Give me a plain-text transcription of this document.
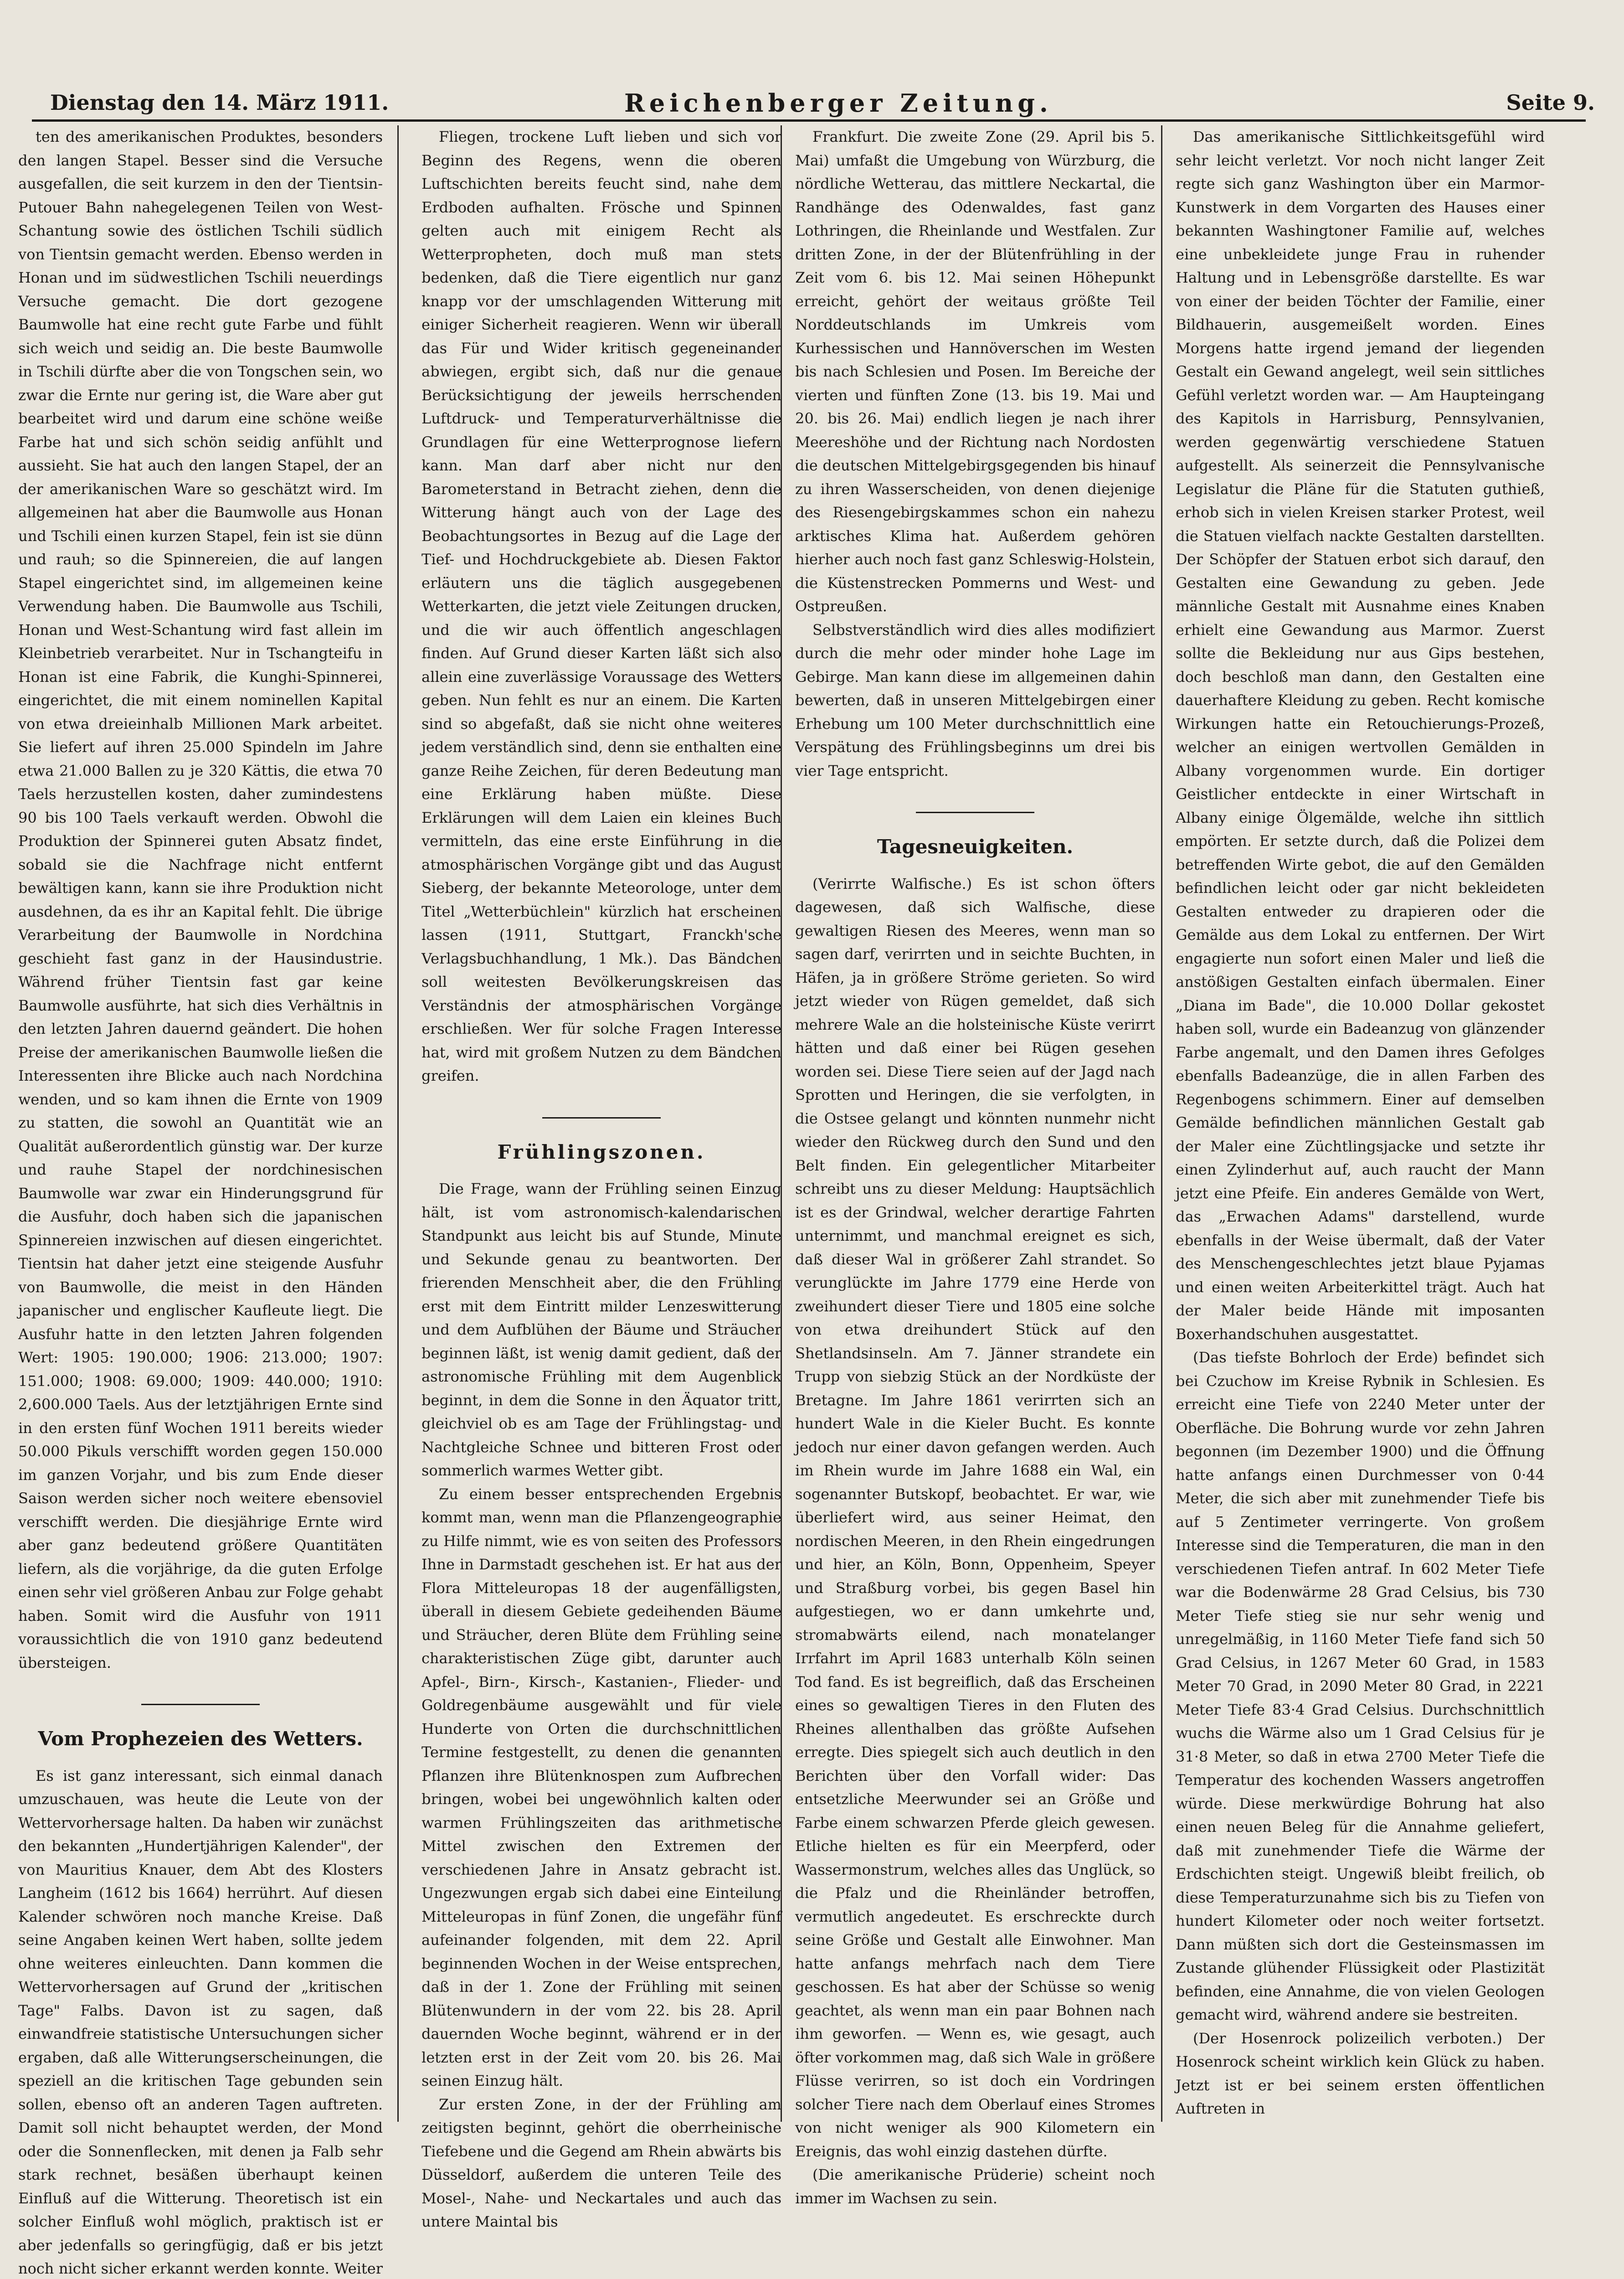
Dienstag den 14. März 1911.	Reichenberger Zeitung.	Seite 9.

ten des amerikanischen Produktes, besonders den langen Stapel. Besser sind die Versuche ausgefallen, die seit kurzem in den der Tientsin-Putouer Bahn nahegelegenen Teilen von West-Schantung sowie des östlichen Tschili südlich von Tientsin gemacht werden. Ebenso werden in Honan und im südwestlichen Tschili neuerdings Versuche gemacht. Die dort gezogene Baumwolle hat eine recht gute Farbe und fühlt sich weich und seidig an. Die beste Baumwolle in Tschili dürfte aber die von Tongschen sein, wo zwar die Ernte nur gering ist, die Ware aber gut bearbeitet wird und darum eine schöne weiße Farbe hat und sich schön seidig anfühlt und aussieht. Sie hat auch den langen Stapel, der an der amerikanischen Ware so geschätzt wird. Im allgemeinen hat aber die Baumwolle aus Honan und Tschili einen kurzen Stapel, fein ist sie dünn und rauh; so die Spinnereien, die auf langen Stapel eingerichtet sind, im allgemeinen keine Verwendung haben. Die Baumwolle aus Tschili, Honan und West-Schantung wird fast allein im Kleinbetrieb verarbeitet. Nur in Tschangteifu in Honan ist eine Fabrik, die Kunghi-Spinnerei, eingerichtet, die mit einem nominellen Kapital von etwa dreieinhalb Millionen Mark arbeitet. Sie liefert auf ihren 25.000 Spindeln im Jahre etwa 21.000 Ballen zu je 320 Kättis, die etwa 70 Taels herzustellen kosten, daher zumindestens 90 bis 100 Taels verkauft werden. Obwohl die Produktion der Spinnerei guten Absatz findet, sobald sie die Nachfrage nicht entfernt bewältigen kann, kann sie ihre Produktion nicht ausdehnen, da es ihr an Kapital fehlt. Die übrige Verarbeitung der Baumwolle in Nordchina geschieht fast ganz in der Hausindustrie. Während früher Tientsin fast gar keine Baumwolle ausführte, hat sich dies Verhältnis in den letzten Jahren dauernd geändert. Die hohen Preise der amerikanischen Baumwolle ließen die Interessenten ihre Blicke auch nach Nordchina wenden, und so kam ihnen die Ernte von 1909 zu statten, die sowohl an Quantität wie an Qualität außerordentlich günstig war. Der kurze und rauhe Stapel der nordchinesischen Baumwolle war zwar ein Hinderungsgrund für die Ausfuhr, doch haben sich die japanischen Spinnereien inzwischen auf diesen eingerichtet. Tientsin hat daher jetzt eine steigende Ausfuhr von Baumwolle, die meist in den Händen japanischer und englischer Kaufleute liegt. Die Ausfuhr hatte in den letzten Jahren folgenden Wert: 1905: 190.000; 1906: 213.000; 1907: 151.000; 1908: 69.000; 1909: 440.000; 1910: 2,600.000 Taels. Aus der letztjährigen Ernte sind in den ersten fünf Wochen 1911 bereits wieder 50.000 Pikuls verschifft worden gegen 150.000 im ganzen Vorjahr, und bis zum Ende dieser Saison werden sicher noch weitere ebensoviel verschifft werden. Die diesjährige Ernte wird aber ganz bedeutend größere Quantitäten liefern, als die vorjährige, da die guten Erfolge einen sehr viel größeren Anbau zur Folge gehabt haben. Somit wird die Ausfuhr von 1911 voraussichtlich die von 1910 ganz bedeutend übersteigen.

Vom Prophezeien des Wetters.

Es ist ganz interessant, sich einmal danach umzuschauen, was heute die Leute von der Wettervorhersage halten. Da haben wir zunächst den bekannten „Hundertjährigen Kalender", der von Mauritius Knauer, dem Abt des Klosters Langheim (1612 bis 1664) herrührt. Auf diesen Kalender schwören noch manche Kreise. Daß seine Angaben keinen Wert haben, sollte jedem ohne weiteres einleuchten. Dann kommen die Wettervorhersagen auf Grund der „kritischen Tage" Falbs. Davon ist zu sagen, daß einwandfreie statistische Untersuchungen sicher ergaben, daß alle Witterungserscheinungen, die speziell an die kritischen Tage gebunden sein sollen, ebenso oft an anderen Tagen auftreten. Damit soll nicht behauptet werden, der Mond oder die Sonnenflecken, mit denen ja Falb sehr stark rechnet, besäßen überhaupt keinen Einfluß auf die Witterung. Theoretisch ist ein solcher Einfluß wohl möglich, praktisch ist er aber jedenfalls so geringfügig, daß er bis jetzt noch nicht sicher erkannt werden konnte. Weiter

Fliegen, trockene Luft lieben und sich vor Beginn des Regens, wenn die oberen Luftschichten bereits feucht sind, nahe dem Erdboden aufhalten. Frösche und Spinnen gelten auch mit einigem Recht als Wetterpropheten, doch muß man stets bedenken, daß die Tiere eigentlich nur ganz knapp vor der umschlagenden Witterung mit einiger Sicherheit reagieren. Wenn wir überall das Für und Wider kritisch gegeneinander abwiegen, ergibt sich, daß nur die genaue Berücksichtigung der jeweils herrschenden Luftdruck- und Temperaturverhältnisse die Grundlagen für eine Wetterprognose liefern kann. Man darf aber nicht nur den Barometerstand in Betracht ziehen, denn die Witterung hängt auch von der Lage des Beobachtungsortes in Bezug auf die Lage der Tief- und Hochdruckgebiete ab. Diesen Faktor erläutern uns die täglich ausgegebenen Wetterkarten, die jetzt viele Zeitungen drucken, und die wir auch öffentlich angeschlagen finden. Auf Grund dieser Karten läßt sich also allein eine zuverlässige Voraussage des Wetters geben. Nun fehlt es nur an einem. Die Karten sind so abgefaßt, daß sie nicht ohne weiteres jedem verständlich sind, denn sie enthalten eine ganze Reihe Zeichen, für deren Bedeutung man eine Erklärung haben müßte. Diese Erklärungen will dem Laien ein kleines Buch vermitteln, das eine erste Einführung in die atmosphärischen Vorgänge gibt und das August Sieberg, der bekannte Meteorologe, unter dem Titel „Wetterbüchlein" kürzlich hat erscheinen lassen (1911, Stuttgart, Franckh'sche Verlagsbuchhandlung, 1 Mk.). Das Bändchen soll weitesten Bevölkerungskreisen das Verständnis der atmosphärischen Vorgänge erschließen. Wer für solche Fragen Interesse hat, wird mit großem Nutzen zu dem Bändchen greifen.

Frühlingszonen.

Die Frage, wann der Frühling seinen Einzug hält, ist vom astronomisch-kalendarischen Standpunkt aus leicht bis auf Stunde, Minute und Sekunde genau zu beantworten. Der frierenden Menschheit aber, die den Frühling erst mit dem Eintritt milder Lenzeswitterung und dem Aufblühen der Bäume und Sträucher beginnen läßt, ist wenig damit gedient, daß der astronomische Frühling mit dem Augenblick beginnt, in dem die Sonne in den Äquator tritt, gleichviel ob es am Tage der Frühlingstag- und Nachtgleiche Schnee und bitteren Frost oder sommerlich warmes Wetter gibt.

Zu einem besser entsprechenden Ergebnis kommt man, wenn man die Pflanzengeographie zu Hilfe nimmt, wie es von seiten des Professors Ihne in Darmstadt geschehen ist. Er hat aus der Flora Mitteleuropas 18 der augenfälligsten, überall in diesem Gebiete gedeihenden Bäume und Sträucher, deren Blüte dem Frühling seine charakteristischen Züge gibt, darunter auch Apfel-, Birn-, Kirsch-, Kastanien-, Flieder- und Goldregenbäume ausgewählt und für viele Hunderte von Orten die durchschnittlichen Termine festgestellt, zu denen die genannten Pflanzen ihre Blütenknospen zum Aufbrechen bringen, wobei bei ungewöhnlich kalten oder warmen Frühlingszeiten das arithmetische Mittel zwischen den Extremen der verschiedenen Jahre in Ansatz gebracht ist. Ungezwungen ergab sich dabei eine Einteilung Mitteleuropas in fünf Zonen, die ungefähr fünf aufeinander folgenden, mit dem 22. April beginnenden Wochen in der Weise entsprechen, daß in der 1. Zone der Frühling mit seinen Blütenwundern in der vom 22. bis 28. April dauernden Woche beginnt, während er in der letzten erst in der Zeit vom 20. bis 26. Mai seinen Einzug hält.

Zur ersten Zone, in der der Frühling am zeitigsten beginnt, gehört die oberrheinische Tiefebene und die Gegend am Rhein abwärts bis Düsseldorf, außerdem die unteren Teile des Mosel-, Nahe- und Neckartales und auch das untere Maintal bis

Frankfurt. Die zweite Zone (29. April bis 5. Mai) umfaßt die Umgebung von Würzburg, die nördliche Wetterau, das mittlere Neckartal, die Randhänge des Odenwaldes, fast ganz Lothringen, die Rheinlande und Westfalen. Zur dritten Zone, in der der Blütenfrühling in der Zeit vom 6. bis 12. Mai seinen Höhepunkt erreicht, gehört der weitaus größte Teil Norddeutschlands im Umkreis vom Kurhessischen und Hannöverschen im Westen bis nach Schlesien und Posen. Im Bereiche der vierten und fünften Zone (13. bis 19. Mai und 20. bis 26. Mai) endlich liegen je nach ihrer Meereshöhe und der Richtung nach Nordosten die deutschen Mittelgebirgsgegenden bis hinauf zu ihren Wasserscheiden, von denen diejenige des Riesengebirgskammes schon ein nahezu arktisches Klima hat. Außerdem gehören hierher auch noch fast ganz Schleswig-Holstein, die Küstenstrecken Pommerns und West- und Ostpreußen.

Selbstverständlich wird dies alles modifiziert durch die mehr oder minder hohe Lage im Gebirge. Man kann diese im allgemeinen dahin bewerten, daß in unseren Mittelgebirgen einer Erhebung um 100 Meter durchschnittlich eine Verspätung des Frühlingsbeginns um drei bis vier Tage entspricht.

Tagesneuigkeiten.

(Verirrte Walfische.) Es ist schon öfters dagewesen, daß sich Walfische, diese gewaltigen Riesen des Meeres, wenn man so sagen darf, verirrten und in seichte Buchten, in Häfen, ja in größere Ströme gerieten. So wird jetzt wieder von Rügen gemeldet, daß sich mehrere Wale an die holsteinische Küste verirrt hätten und daß einer bei Rügen gesehen worden sei. Diese Tiere seien auf der Jagd nach Sprotten und Heringen, die sie verfolgten, in die Ostsee gelangt und könnten nunmehr nicht wieder den Rückweg durch den Sund und den Belt finden. Ein gelegentlicher Mitarbeiter schreibt uns zu dieser Meldung: Hauptsächlich ist es der Grindwal, welcher derartige Fahrten unternimmt, und manchmal ereignet es sich, daß dieser Wal in größerer Zahl strandet. So verunglückte im Jahre 1779 eine Herde von zweihundert dieser Tiere und 1805 eine solche von etwa dreihundert Stück auf den Shetlandsinseln. Am 7. Jänner strandete ein Trupp von siebzig Stück an der Nordküste der Bretagne. Im Jahre 1861 verirrten sich an hundert Wale in die Kieler Bucht. Es konnte jedoch nur einer davon gefangen werden. Auch im Rhein wurde im Jahre 1688 ein Wal, ein sogenannter Butskopf, beobachtet. Er war, wie überliefert wird, aus seiner Heimat, den nordischen Meeren, in den Rhein eingedrungen und hier, an Köln, Bonn, Oppenheim, Speyer und Straßburg vorbei, bis gegen Basel hin aufgestiegen, wo er dann umkehrte und, stromabwärts eilend, nach monatelanger Irrfahrt im April 1683 unterhalb Köln seinen Tod fand. Es ist begreiflich, daß das Erscheinen eines so gewaltigen Tieres in den Fluten des Rheines allenthalben das größte Aufsehen erregte. Dies spiegelt sich auch deutlich in den Berichten über den Vorfall wider: Das entsetzliche Meerwunder sei an Größe und Farbe einem schwarzen Pferde gleich gewesen. Etliche hielten es für ein Meerpferd, oder Wassermonstrum, welches alles das Unglück, so die Pfalz und die Rheinländer betroffen, vermutlich angedeutet. Es erschreckte durch seine Größe und Gestalt alle Einwohner. Man hatte anfangs mehrfach nach dem Tiere geschossen. Es hat aber der Schüsse so wenig geachtet, als wenn man ein paar Bohnen nach ihm geworfen. — Wenn es, wie gesagt, auch öfter vorkommen mag, daß sich Wale in größere Flüsse verirren, so ist doch ein Vordringen solcher Tiere nach dem Oberlauf eines Stromes von nicht weniger als 900 Kilometern ein Ereignis, das wohl einzig dastehen dürfte.

(Die amerikanische Prüderie) scheint noch immer im Wachsen zu sein.

Das amerikanische Sittlichkeitsgefühl wird sehr leicht verletzt. Vor noch nicht langer Zeit regte sich ganz Washington über ein Marmor-Kunstwerk in dem Vorgarten des Hauses einer bekannten Washingtoner Familie auf, welches eine unbekleidete junge Frau in ruhender Haltung und in Lebensgröße darstellte. Es war von einer der beiden Töchter der Familie, einer Bildhauerin, ausgemeißelt worden. Eines Morgens hatte irgend jemand der liegenden Gestalt ein Gewand angelegt, weil sein sittliches Gefühl verletzt worden war. — Am Haupteingang des Kapitols in Harrisburg, Pennsylvanien, werden gegenwärtig verschiedene Statuen aufgestellt. Als seinerzeit die Pennsylvanische Legislatur die Pläne für die Statuten guthieß, erhob sich in vielen Kreisen starker Protest, weil die Statuen vielfach nackte Gestalten darstellten. Der Schöpfer der Statuen erbot sich darauf, den Gestalten eine Gewandung zu geben. Jede männliche Gestalt mit Ausnahme eines Knaben erhielt eine Gewandung aus Marmor. Zuerst sollte die Bekleidung nur aus Gips bestehen, doch beschloß man dann, den Gestalten eine dauerhaftere Kleidung zu geben. Recht komische Wirkungen hatte ein Retouchierungs-Prozeß, welcher an einigen wertvollen Gemälden in Albany vorgenommen wurde. Ein dortiger Geistlicher entdeckte in einer Wirtschaft in Albany einige Ölgemälde, welche ihn sittlich empörten. Er setzte durch, daß die Polizei dem betreffenden Wirte gebot, die auf den Gemälden befindlichen leicht oder gar nicht bekleideten Gestalten entweder zu drapieren oder die Gemälde aus dem Lokal zu entfernen. Der Wirt engagierte nun sofort einen Maler und ließ die anstößigen Gestalten einfach übermalen. Einer „Diana im Bade", die 10.000 Dollar gekostet haben soll, wurde ein Badeanzug von glänzender Farbe angemalt, und den Damen ihres Gefolges ebenfalls Badeanzüge, die in allen Farben des Regenbogens schimmern. Einer auf demselben Gemälde befindlichen männlichen Gestalt gab der Maler eine Züchtlingsjacke und setzte ihr einen Zylinderhut auf, auch raucht der Mann jetzt eine Pfeife. Ein anderes Gemälde von Wert, das „Erwachen Adams" darstellend, wurde ebenfalls in der Weise übermalt, daß der Vater des Menschengeschlechtes jetzt blaue Pyjamas und einen weiten Arbeiterkittel trägt. Auch hat der Maler beide Hände mit imposanten Boxerhandschuhen ausgestattet.

(Das tiefste Bohrloch der Erde) befindet sich bei Czuchow im Kreise Rybnik in Schlesien. Es erreicht eine Tiefe von 2240 Meter unter der Oberfläche. Die Bohrung wurde vor zehn Jahren begonnen (im Dezember 1900) und die Öffnung hatte anfangs einen Durchmesser von 0·44 Meter, die sich aber mit zunehmender Tiefe bis auf 5 Zentimeter verringerte. Von großem Interesse sind die Temperaturen, die man in den verschiedenen Tiefen antraf. In 602 Meter Tiefe war die Bodenwärme 28 Grad Celsius, bis 730 Meter Tiefe stieg sie nur sehr wenig und unregelmäßig, in 1160 Meter Tiefe fand sich 50 Grad Celsius, in 1267 Meter 60 Grad, in 1583 Meter 70 Grad, in 2090 Meter 80 Grad, in 2221 Meter Tiefe 83·4 Grad Celsius. Durchschnittlich wuchs die Wärme also um 1 Grad Celsius für je 31·8 Meter, so daß in etwa 2700 Meter Tiefe die Temperatur des kochenden Wassers angetroffen würde. Diese merkwürdige Bohrung hat also einen neuen Beleg für die Annahme geliefert, daß mit zunehmender Tiefe die Wärme der Erdschichten steigt. Ungewiß bleibt freilich, ob diese Temperaturzunahme sich bis zu Tiefen von hundert Kilometer oder noch weiter fortsetzt. Dann müßten sich dort die Gesteinsmassen im Zustande glühender Flüssigkeit oder Plastizität befinden, eine Annahme, die von vielen Geologen gemacht wird, während andere sie bestreiten.

(Der Hosenrock polizeilich verboten.) Der Hosenrock scheint wirklich kein Glück zu haben. Jetzt ist er bei seinem ersten öffentlichen Auftreten in
